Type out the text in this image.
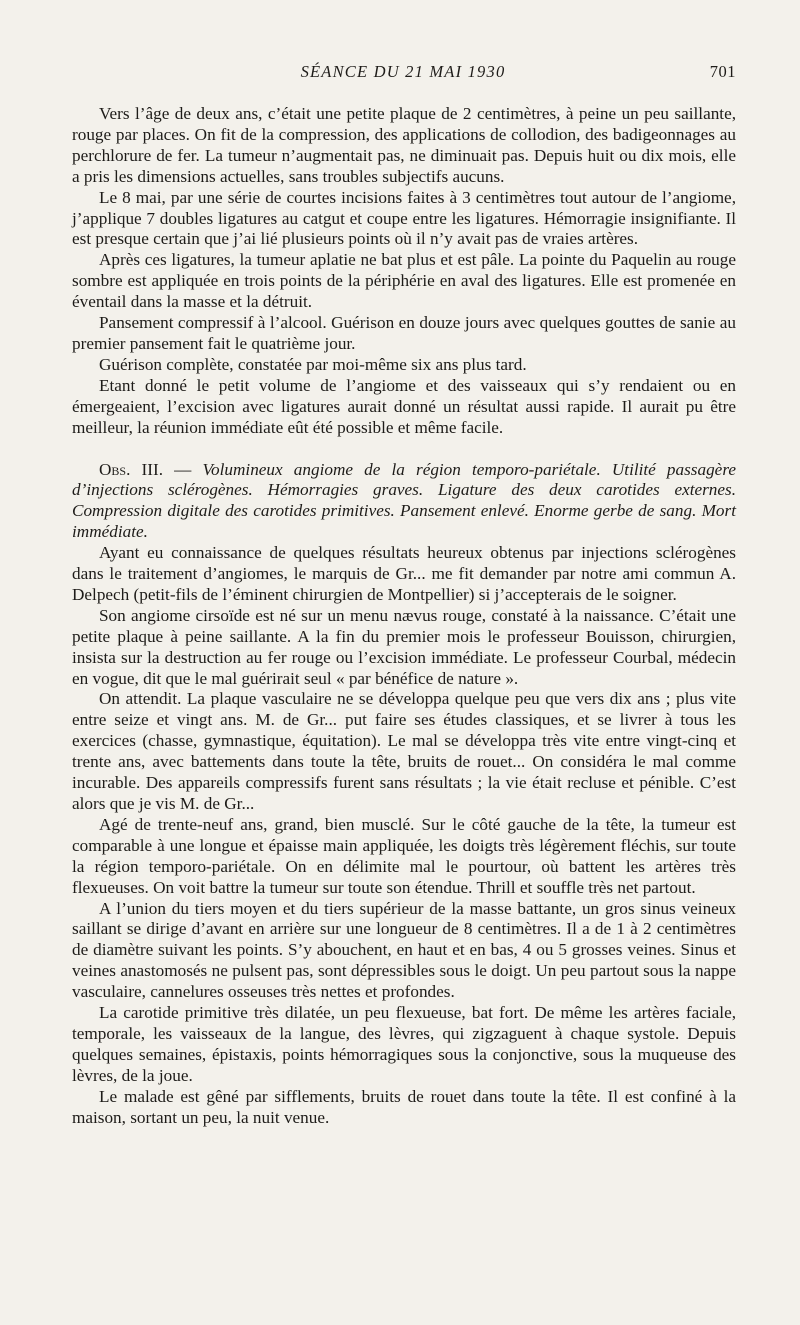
SÉANCE DU 21 MAI 1930	701

Vers l’âge de deux ans, c’était une petite plaque de 2 centimètres, à peine un peu saillante, rouge par places. On fit de la compression, des applications de collodion, des badigeonnages au perchlorure de fer. La tumeur n’augmentait pas, ne diminuait pas. Depuis huit ou dix mois, elle a pris les dimensions actuelles, sans troubles subjectifs aucuns.

Le 8 mai, par une série de courtes incisions faites à 3 centimètres tout autour de l’angiome, j’applique 7 doubles ligatures au catgut et coupe entre les ligatures. Hémorragie insignifiante. Il est presque certain que j’ai lié plusieurs points où il n’y avait pas de vraies artères.

Après ces ligatures, la tumeur aplatie ne bat plus et est pâle. La pointe du Paquelin au rouge sombre est appliquée en trois points de la périphérie en aval des ligatures. Elle est promenée en éventail dans la masse et la détruit.

Pansement compressif à l’alcool. Guérison en douze jours avec quelques gouttes de sanie au premier pansement fait le quatrième jour.

Guérison complète, constatée par moi-même six ans plus tard.

Etant donné le petit volume de l’angiome et des vaisseaux qui s’y rendaient ou en émergeaient, l’excision avec ligatures aurait donné un résultat aussi rapide. Il aurait pu être meilleur, la réunion immédiate eût été possible et même facile.

Obs. III. — Volumineux angiome de la région temporo-pariétale. Utilité passagère d’injections sclérogènes. Hémorragies graves. Ligature des deux carotides externes. Compression digitale des carotides primitives. Pansement enlevé. Enorme gerbe de sang. Mort immédiate.

Ayant eu connaissance de quelques résultats heureux obtenus par injections sclérogènes dans le traitement d’angiomes, le marquis de Gr... me fit demander par notre ami commun A. Delpech (petit-fils de l’éminent chirurgien de Montpellier) si j’accepterais de le soigner.

Son angiome cirsoïde est né sur un menu nævus rouge, constaté à la naissance. C’était une petite plaque à peine saillante. A la fin du premier mois le professeur Bouisson, chirurgien, insista sur la destruction au fer rouge ou l’excision immédiate. Le professeur Courbal, médecin en vogue, dit que le mal guérirait seul « par bénéfice de nature ».

On attendit. La plaque vasculaire ne se développa quelque peu que vers dix ans ; plus vite entre seize et vingt ans. M. de Gr... put faire ses études classiques, et se livrer à tous les exercices (chasse, gymnastique, équitation). Le mal se développa très vite entre vingt-cinq et trente ans, avec battements dans toute la tête, bruits de rouet... On considéra le mal comme incurable. Des appareils compressifs furent sans résultats ; la vie était recluse et pénible. C’est alors que je vis M. de Gr...

Agé de trente-neuf ans, grand, bien musclé. Sur le côté gauche de la tête, la tumeur est comparable à une longue et épaisse main appliquée, les doigts très légèrement fléchis, sur toute la région temporo-pariétale. On en délimite mal le pourtour, où battent les artères très flexueuses. On voit battre la tumeur sur toute son étendue. Thrill et souffle très net partout.

A l’union du tiers moyen et du tiers supérieur de la masse battante, un gros sinus veineux saillant se dirige d’avant en arrière sur une longueur de 8 centimètres. Il a de 1 à 2 centimètres de diamètre suivant les points. S’y abouchent, en haut et en bas, 4 ou 5 grosses veines. Sinus et veines anastomosés ne pulsent pas, sont dépressibles sous le doigt. Un peu partout sous la nappe vasculaire, cannelures osseuses très nettes et profondes.

La carotide primitive très dilatée, un peu flexueuse, bat fort. De même les artères faciale, temporale, les vaisseaux de la langue, des lèvres, qui zigzaguent à chaque systole. Depuis quelques semaines, épistaxis, points hémorragiques sous la conjonctive, sous la muqueuse des lèvres, de la joue.

Le malade est gêné par sifflements, bruits de rouet dans toute la tête. Il est confiné à la maison, sortant un peu, la nuit venue.
